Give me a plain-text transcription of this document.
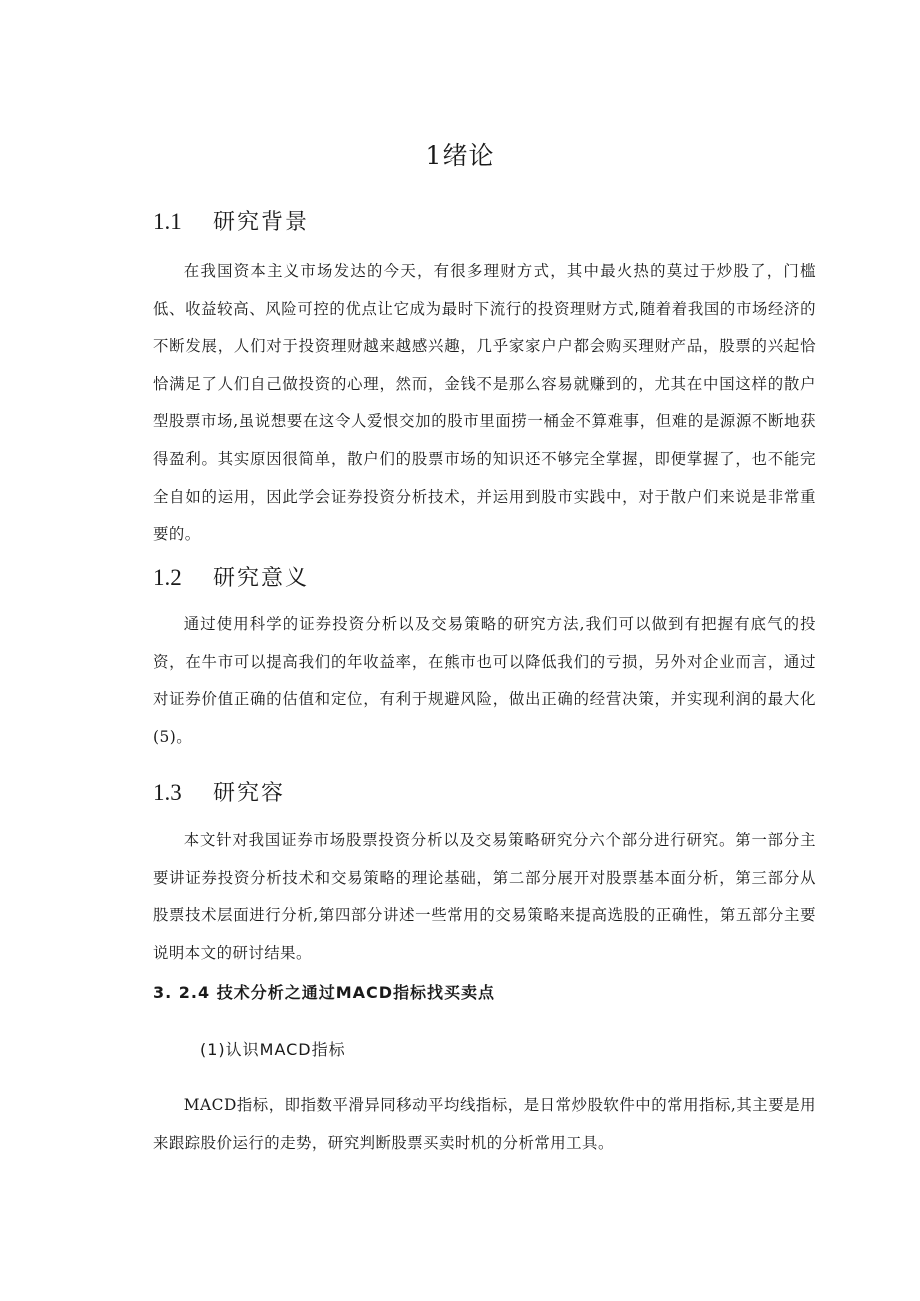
1绪论
1.1	研究背景

在我国资本主义市场发达的今天，有很多理财方式，其中最火热的莫过于炒股了，门槛低、收益较高、风险可控的优点让它成为最时下流行的投资理财方式,随着着我国的市场经济的不断发展，人们对于投资理财越来越感兴趣，几乎家家户户都会购买理财产品，股票的兴起恰恰满足了人们自己做投资的心理，然而，金钱不是那么容易就赚到的，尤其在中国这样的散户型股票市场,虽说想要在这令人爱恨交加的股市里面捞一桶金不算难事，但难的是源源不断地获得盈利。其实原因很简单，散户们的股票市场的知识还不够完全掌握，即便掌握了，也不能完全自如的运用，因此学会证券投资分析技术，并运用到股市实践中，对于散户们来说是非常重要的。

1.2	研究意义

通过使用科学的证券投资分析以及交易策略的研究方法,我们可以做到有把握有底气的投资，在牛市可以提高我们的年收益率，在熊市也可以降低我们的亏损，另外对企业而言，通过对证券价值正确的估值和定位，有利于规避风险，做出正确的经营决策，并实现利润的最大化(5)。

1.3	研究容

本文针对我国证券市场股票投资分析以及交易策略研究分六个部分进行研究。第一部分主要讲证券投资分析技术和交易策略的理论基础，第二部分展开对股票基本面分析，第三部分从股票技术层面进行分析,第四部分讲述一些常用的交易策略来提高选股的正确性，第五部分主要说明本文的研讨结果。

3. 2.4 技术分析之通过MACD指标找买卖点
(1)认识MACD指标

MACD指标，即指数平滑异同移动平均线指标，是日常炒股软件中的常用指标,其主要是用来跟踪股价运行的走势，研究判断股票买卖时机的分析常用工具。
